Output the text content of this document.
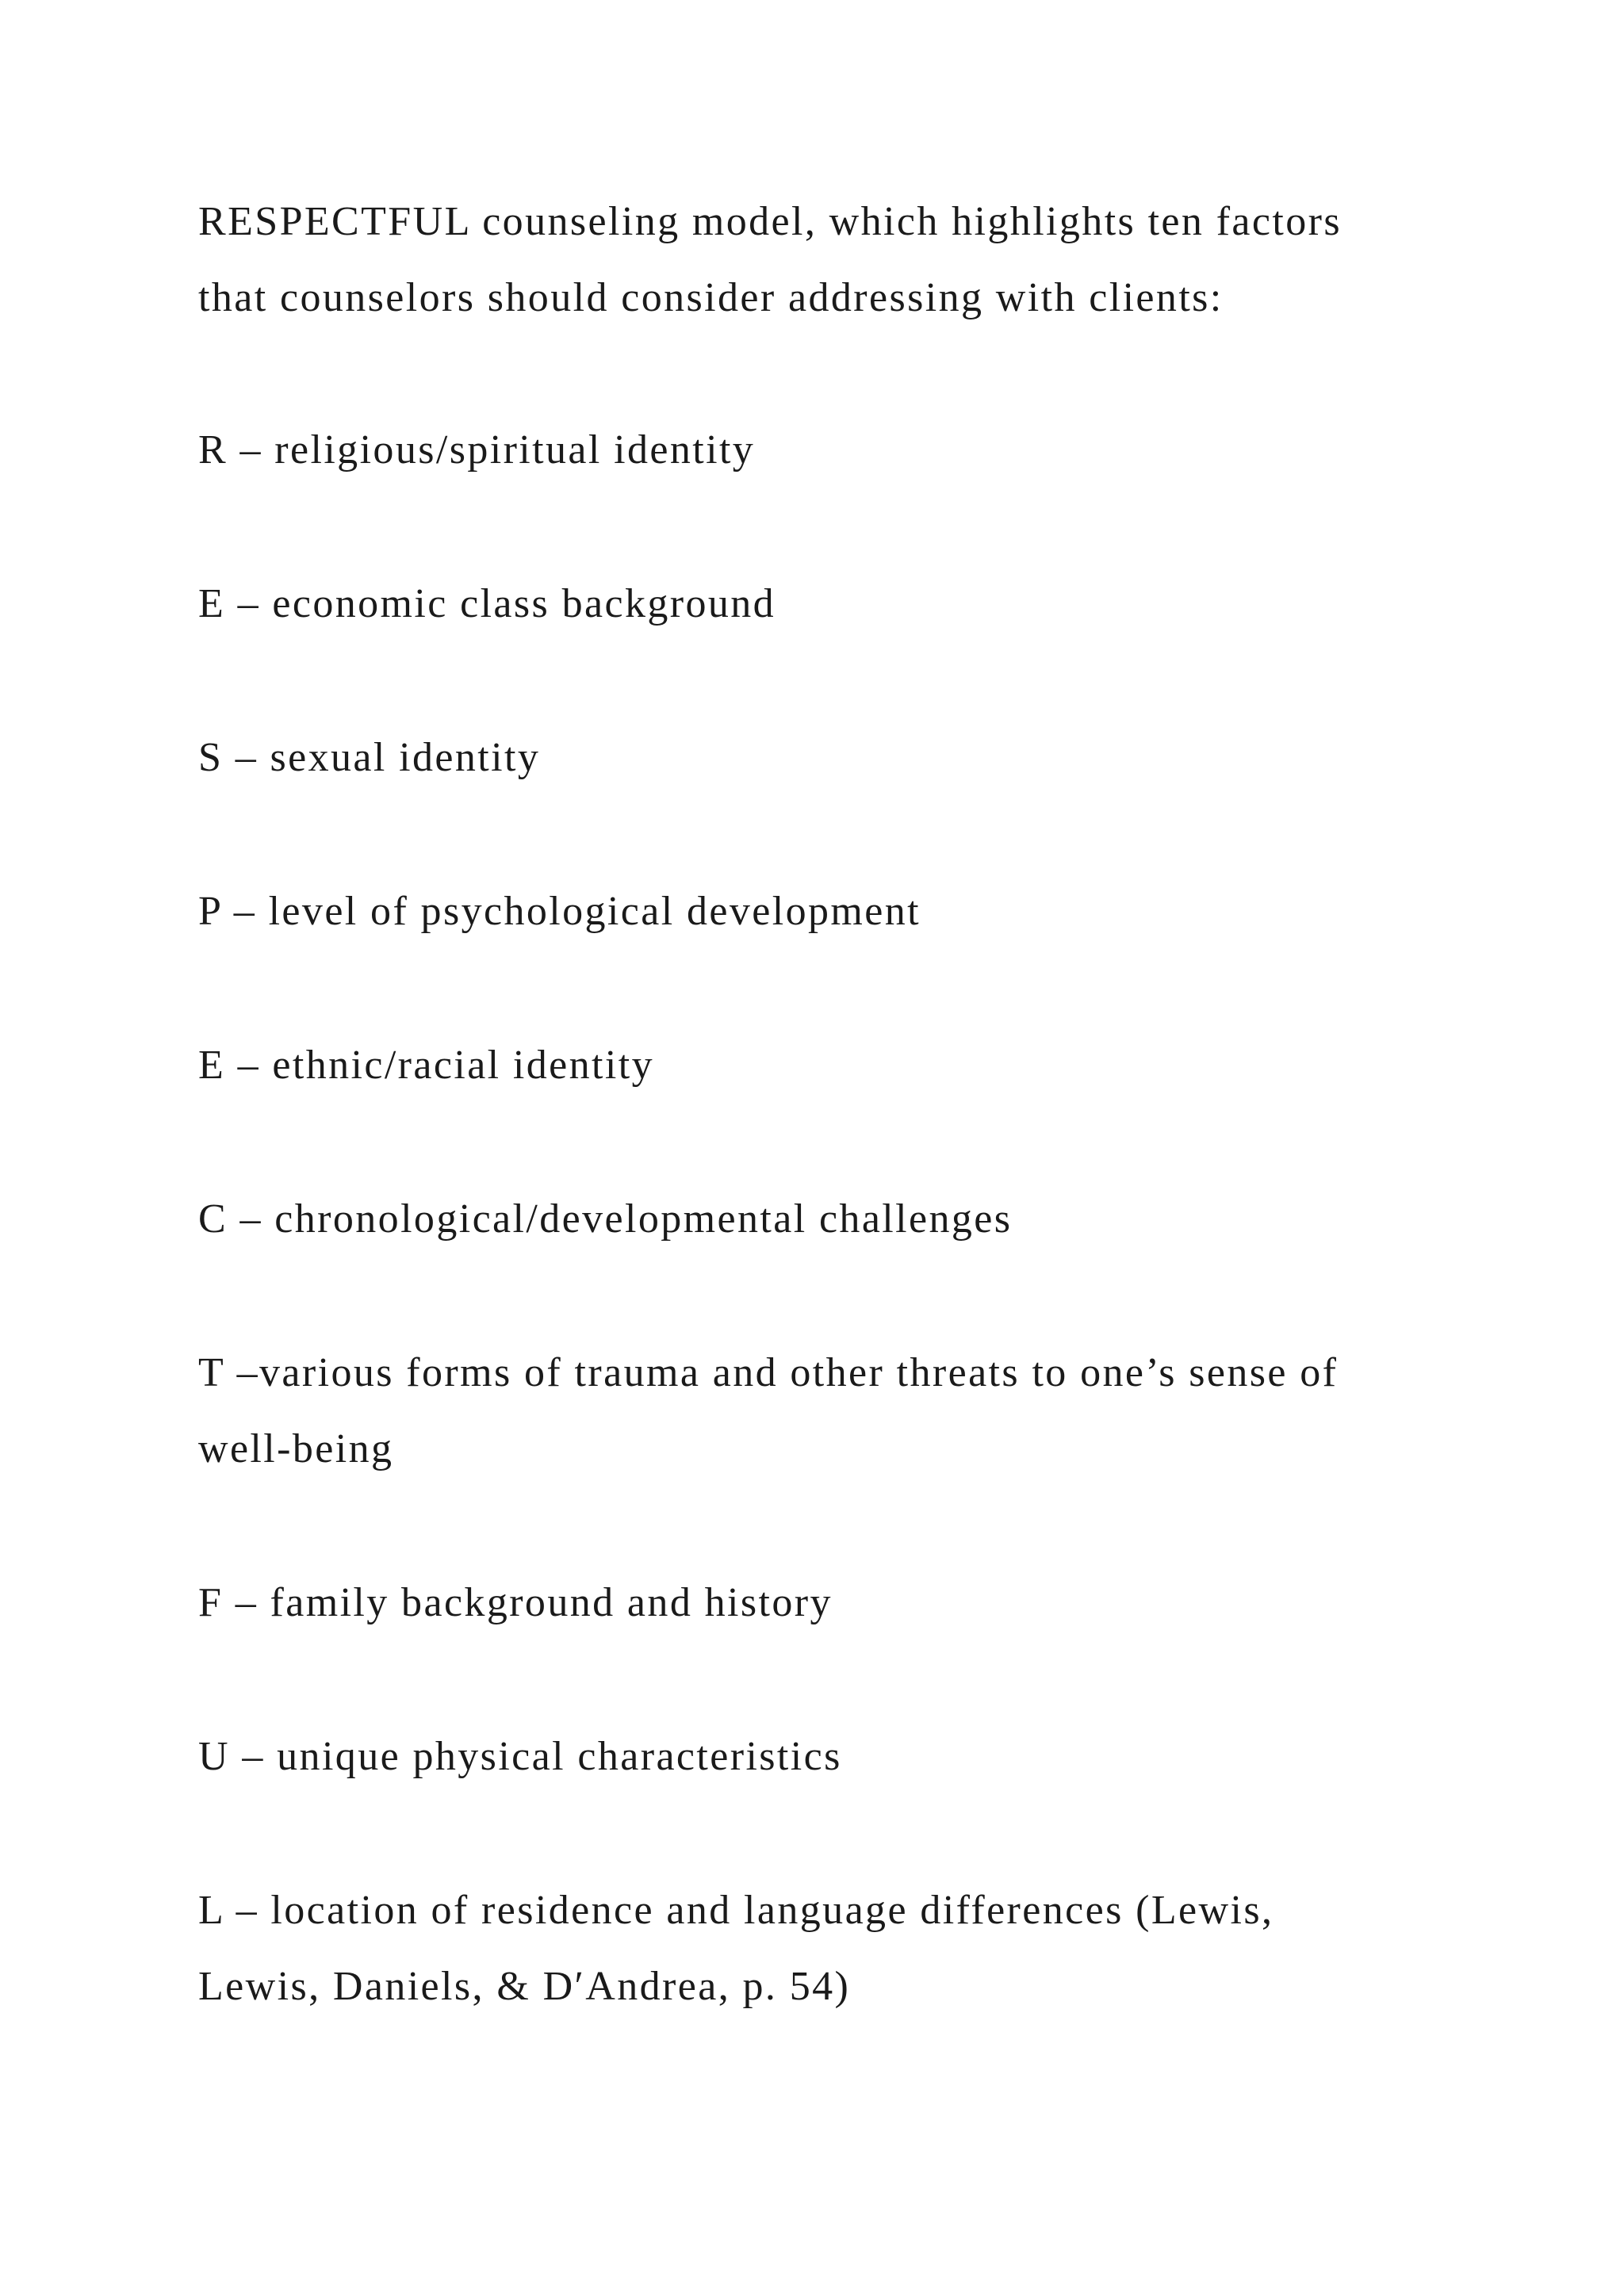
RESPECTFUL counseling model, which highlights ten factors
that counselors should consider addressing with clients:
R – religious/spiritual identity
E – economic class background
S – sexual identity
P – level of psychological development
E – ethnic/racial identity
C – chronological/developmental challenges
T –various forms of trauma and other threats to one’s sense of
well-being
F – family background and history
U – unique physical characteristics
L – location of residence and language differences (Lewis,
Lewis, Daniels, & D′Andrea, p. 54)
